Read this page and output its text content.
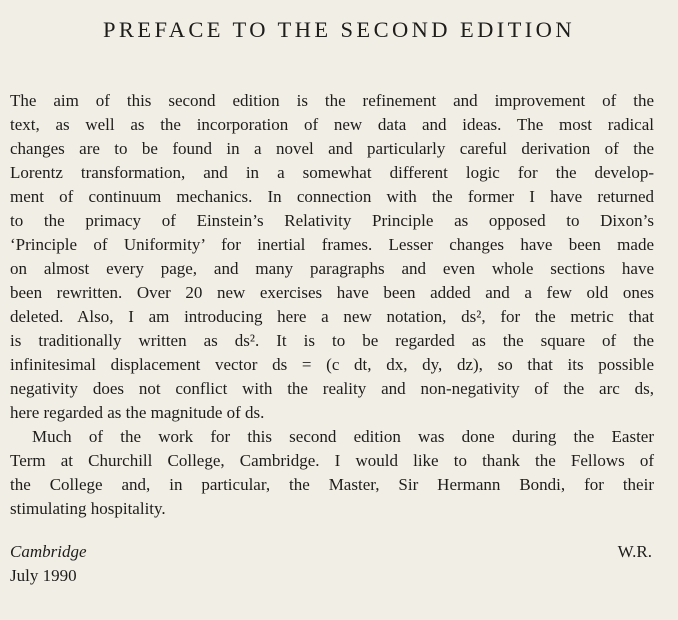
PREFACE TO THE SECOND EDITION
The aim of this second edition is the refinement and improvement of the
text, as well as the incorporation of new data and ideas. The most radical
changes are to be found in a novel and particularly careful derivation of the
Lorentz transformation, and in a somewhat different logic for the develop-
ment of continuum mechanics. In connection with the former I have returned
to the primacy of Einstein’s Relativity Principle as opposed to Dixon’s
‘Principle of Uniformity’ for inertial frames. Lesser changes have been made
on almost every page, and many paragraphs and even whole sections have
been rewritten. Over 20 new exercises have been added and a few old ones
deleted. Also, I am introducing here a new notation, ds², for the metric that
is traditionally written as ds². It is to be regarded as the square of the
infinitesimal displacement vector ds = (c dt, dx, dy, dz), so that its possible
negativity does not conflict with the reality and non-negativity of the arc ds,
here regarded as the magnitude of ds.
Much of the work for this second edition was done during the Easter
Term at Churchill College, Cambridge. I would like to thank the Fellows of
the College and, in particular, the Master, Sir Hermann Bondi, for their
stimulating hospitality.
Cambridge
July 1990
W.R.
